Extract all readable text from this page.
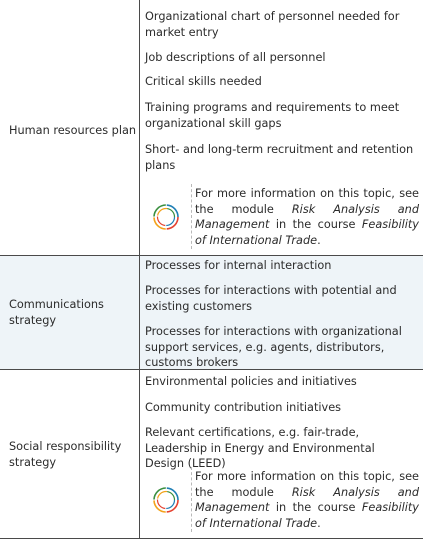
Human resources plan
Organizational chart of personnel needed for market entry
Job descriptions of all personnel
Critical skills needed
Training programs and requirements to meet organizational skill gaps
Short- and long-term recruitment and retention plans
For more information on this topic, see the module Risk Analysis and Management in the course Feasibility of International Trade.
Communications strategy
Processes for internal interaction
Processes for interactions with potential and existing customers
Processes for interactions with organizational support services, e.g. agents, distributors, customs brokers
Social responsibility strategy
Environmental policies and initiatives
Community contribution initiatives
Relevant certifications, e.g. fair-trade, Leadership in Energy and Environmental Design (LEED)
For more information on this topic, see the module Risk Analysis and Management in the course Feasibility of International Trade.
